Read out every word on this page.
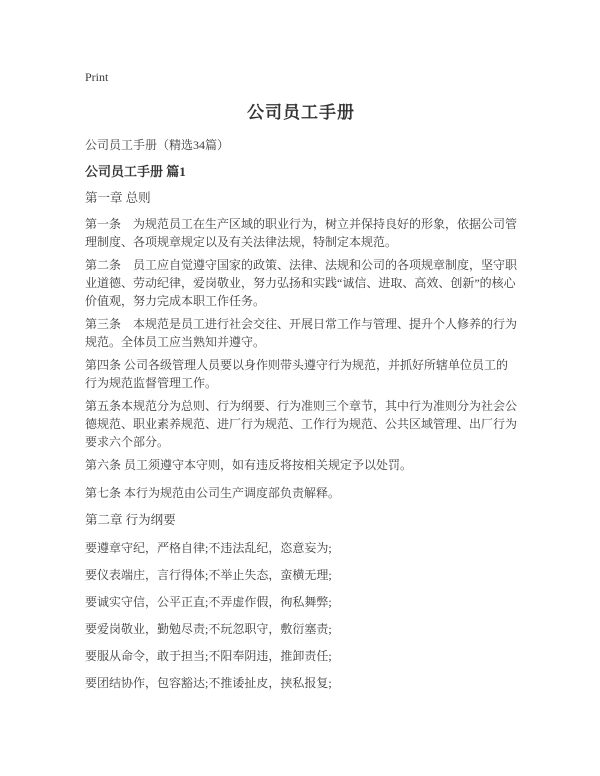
Print
公司员工手册

公司员工手册（精选34篇）

公司员工手册 篇1

第一章 总则

第一条　为规范员工在生产区域的职业行为，树立并保持良好的形象，依据公司管理制度、各项规章规定以及有关法律法规，特制定本规范。

第二条　员工应自觉遵守国家的政策、法律、法规和公司的各项规章制度，坚守职业道德、劳动纪律，爱岗敬业，努力弘扬和实践“诚信、进取、高效、创新”的核心价值观，努力完成本职工作任务。

第三条　本规范是员工进行社会交往、开展日常工作与管理、提升个人修养的行为规范。全体员工应当熟知并遵守。

第四条 公司各级管理人员要以身作则带头遵守行为规范，并抓好所辖单位员工的行为规范监督管理工作。

第五条本规范分为总则、行为纲要、行为准则三个章节，其中行为准则分为社会公德规范、职业素养规范、进厂行为规范、工作行为规范、公共区域管理、出厂行为要求六个部分。

第六条 员工须遵守本守则，如有违反将按相关规定予以处罚。

第七条 本行为规范由公司生产调度部负责解释。

第二章 行为纲要

要遵章守纪，严格自律;不违法乱纪，恣意妄为;

要仪表端庄，言行得体;不举止失态，蛮横无理;

要诚实守信，公平正直;不弄虚作假，徇私舞弊;

要爱岗敬业，勤勉尽责;不玩忽职守，敷衍塞责;

要服从命令，敢于担当;不阳奉阴违，推卸责任;

要团结协作，包容豁达;不推诿扯皮，挟私报复;
